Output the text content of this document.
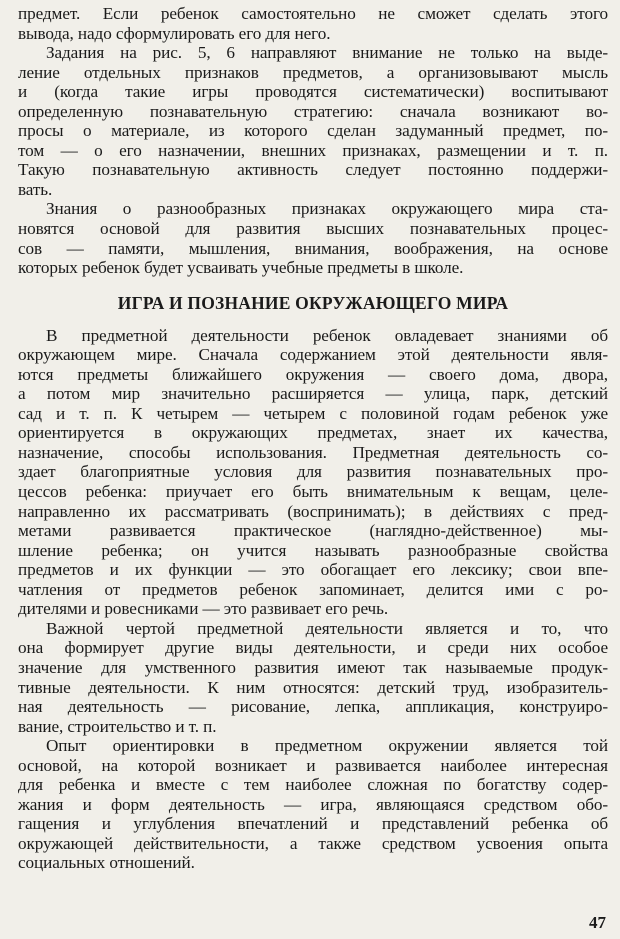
предмет. Если ребенок самостоятельно не сможет сделать этого
вывода, надо сформулировать его для него.
Задания на рис. 5, 6 направляют внимание не только на выде-
ление отдельных признаков предметов, а организовывают мысль
и (когда такие игры проводятся систематически) воспитывают
определенную познавательную стратегию: сначала возникают во-
просы о материале, из которого сделан задуманный предмет, по-
том — о его назначении, внешних признаках, размещении и т. п.
Такую познавательную активность следует постоянно поддержи-
вать.
Знания о разнообразных признаках окружающего мира ста-
новятся основой для развития высших познавательных процес-
сов — памяти, мышления, внимания, воображения, на основе
которых ребенок будет усваивать учебные предметы в школе.
ИГРА И ПОЗНАНИЕ ОКРУЖАЮЩЕГО МИРА
В предметной деятельности ребенок овладевает знаниями об
окружающем мире. Сначала содержанием этой деятельности явля-
ются предметы ближайшего окружения — своего дома, двора,
а потом мир значительно расширяется — улица, парк, детский
сад и т. п. К четырем — четырем с половиной годам ребенок уже
ориентируется в окружающих предметах, знает их качества,
назначение, способы использования. Предметная деятельность со-
здает благоприятные условия для развития познавательных про-
цессов ребенка: приучает его быть внимательным к вещам, целе-
направленно их рассматривать (воспринимать); в действиях с пред-
метами развивается практическое (наглядно-действенное) мы-
шление ребенка; он учится называть разнообразные свойства
предметов и их функции — это обогащает его лексику; свои впе-
чатления от предметов ребенок запоминает, делится ими с ро-
дителями и ровесниками — это развивает его речь.
Важной чертой предметной деятельности является и то, что
она формирует другие виды деятельности, и среди них особое
значение для умственного развития имеют так называемые продук-
тивные деятельности. К ним относятся: детский труд, изобразитель-
ная деятельность — рисование, лепка, аппликация, конструиро-
вание, строительство и т. п.
Опыт ориентировки в предметном окружении является той
основой, на которой возникает и развивается наиболее интересная
для ребенка и вместе с тем наиболее сложная по богатству содер-
жания и форм деятельность — игра, являющаяся средством обо-
гащения и углубления впечатлений и представлений ребенка об
окружающей действительности, а также средством усвоения опыта
социальных отношений.
47
